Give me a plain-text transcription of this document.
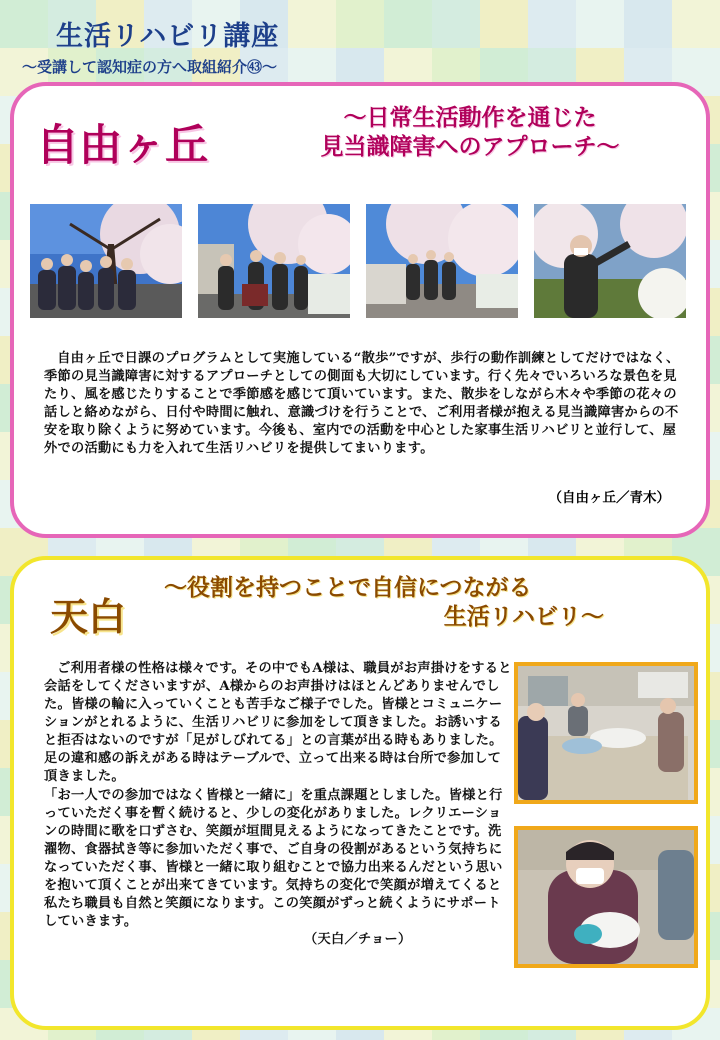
生活リハビリ講座
～受講して認知症の方へ取組紹介㊸～
自由ヶ丘
～日常生活動作を通じた
見当識障害へのアプローチ～
自由ヶ丘で日課のプログラムとして実施している“散歩”ですが、歩行の動作訓練としてだけではなく、季節の見当識障害に対するアプローチとしての側面も大切にしています。行く先々でいろいろな景色を見たり、風を感じたりすることで季節感を感じて頂いています。また、散歩をしながら木々や季節の花々の話しと絡めながら、日付や時間に触れ、意識づけを行うことで、ご利用者様が抱える見当識障害からの不安を取り除くように努めています。今後も、室内での活動を中心とした家事生活リハビリと並行して、屋外での活動にも力を入れて生活リハビリを提供してまいります。
（自由ヶ丘／青木）
天白
～役割を持つことで自信につながる
生活リハビリ～

ご利用者様の性格は様々です。その中でもA様は、職員がお声掛けをすると会話をしてくださいますが、A様からのお声掛けはほとんどありませんでした。皆様の輪に入っていくことも苦手なご様子でした。皆様とコミュニケーションがとれるように、生活リハビリに参加をして頂きました。お誘いすると拒否はないのですが「足がしびれてる」との言葉が出る時もありました。足の違和感の訴えがある時はテーブルで、立って出来る時は台所で参加して頂きました。

「お一人での参加ではなく皆様と一緒に」を重点課題としました。皆様と行っていただく事を暫く続けると、少しの変化がありました。レクリエーションの時間に歌を口ずさむ、笑顔が垣間見えるようになってきたことです。洗濯物、食器拭き等に参加いただく事で、ご自身の役割があるという気持ちになっていただく事、皆様と一緒に取り組むことで協力出来るんだという思いを抱いて頂くことが出来てきています。気持ちの変化で笑顔が増えてくると私たち職員も自然と笑顔になります。この笑顔がずっと続くようにサポートしていきます。

（天白／チョー）
